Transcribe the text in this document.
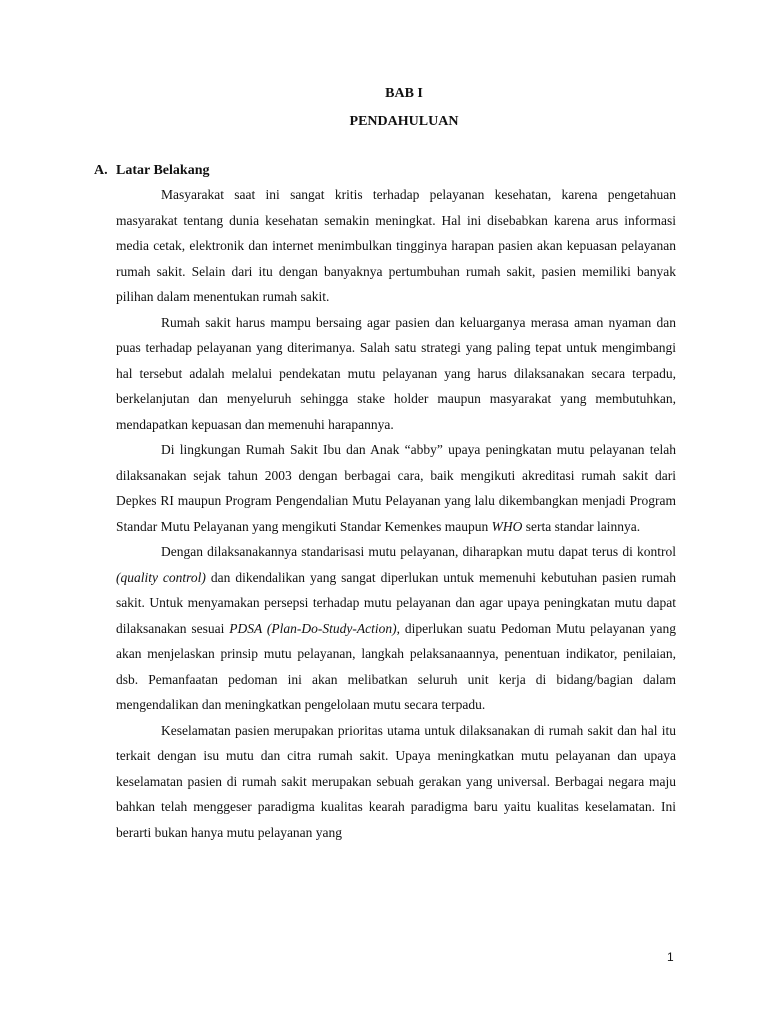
BAB I
PENDAHULUAN
A. Latar Belakang

Masyarakat saat ini sangat kritis terhadap pelayanan kesehatan, karena pengetahuan masyarakat tentang dunia kesehatan semakin meningkat. Hal ini disebabkan karena arus informasi media cetak, elektronik dan internet menimbulkan tingginya harapan pasien akan kepuasan pelayanan rumah sakit. Selain dari itu dengan banyaknya pertumbuhan rumah sakit, pasien memiliki banyak pilihan dalam menentukan rumah sakit.

Rumah sakit harus mampu bersaing agar pasien dan keluarganya merasa aman nyaman dan puas terhadap pelayanan yang diterimanya. Salah satu strategi yang paling tepat untuk mengimbangi hal tersebut adalah melalui pendekatan mutu pelayanan yang harus dilaksanakan secara terpadu, berkelanjutan dan menyeluruh sehingga stake holder maupun masyarakat yang membutuhkan, mendapatkan kepuasan dan memenuhi harapannya.

Di lingkungan Rumah Sakit Ibu dan Anak “abby” upaya peningkatan mutu pelayanan telah dilaksanakan sejak tahun 2003 dengan berbagai cara, baik mengikuti akreditasi rumah sakit dari Depkes RI maupun Program Pengendalian Mutu Pelayanan yang lalu dikembangkan menjadi Program Standar Mutu Pelayanan yang mengikuti Standar Kemenkes maupun WHO serta standar lainnya.

Dengan dilaksanakannya standarisasi mutu pelayanan, diharapkan mutu dapat terus di kontrol (quality control) dan dikendalikan yang sangat diperlukan untuk memenuhi kebutuhan pasien rumah sakit. Untuk menyamakan persepsi terhadap mutu pelayanan dan agar upaya peningkatan mutu dapat dilaksanakan sesuai PDSA (Plan-Do-Study-Action), diperlukan suatu Pedoman Mutu pelayanan yang akan menjelaskan prinsip mutu pelayanan, langkah pelaksanaannya, penentuan indikator, penilaian, dsb. Pemanfaatan pedoman ini akan melibatkan seluruh unit kerja di bidang/bagian dalam mengendalikan dan meningkatkan pengelolaan mutu secara terpadu.

Keselamatan pasien merupakan prioritas utama untuk dilaksanakan di rumah sakit dan hal itu terkait dengan isu mutu dan citra rumah sakit. Upaya meningkatkan mutu pelayanan dan upaya keselamatan pasien di rumah sakit merupakan sebuah gerakan yang universal. Berbagai negara maju bahkan telah menggeser paradigma kualitas kearah paradigma baru yaitu kualitas keselamatan. Ini berarti bukan hanya mutu pelayanan yang

1
